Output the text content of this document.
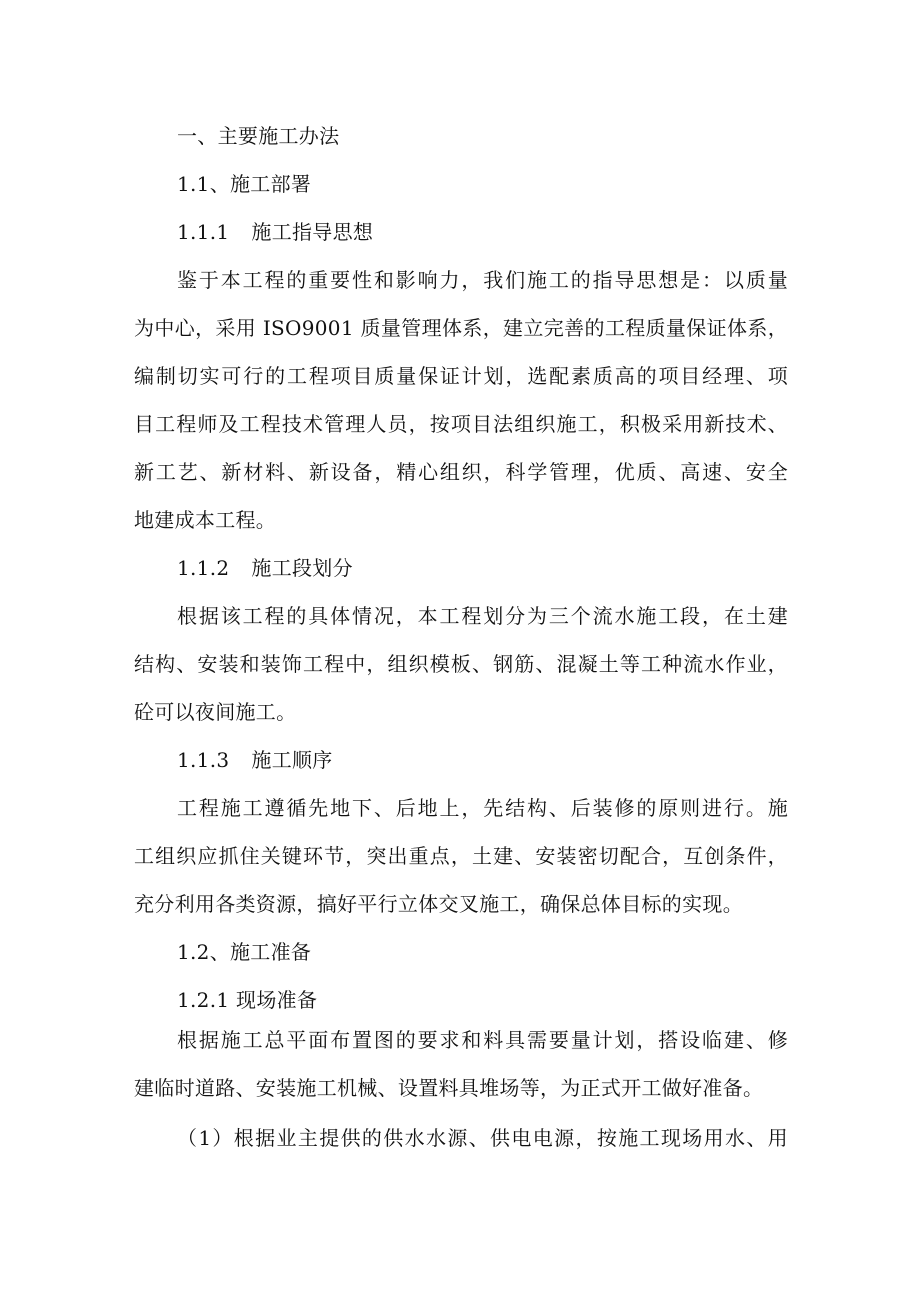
一、主要施工办法
1.1、施工部署
1.1.1 施工指导思想
鉴于本工程的重要性和影响力，我们施工的指导思想是：以质量
为中心，采用 ISO9001 质量管理体系，建立完善的工程质量保证体系，
编制切实可行的工程项目质量保证计划，选配素质高的项目经理、项
目工程师及工程技术管理人员，按项目法组织施工，积极采用新技术、
新工艺、新材料、新设备，精心组织，科学管理，优质、高速、安全
地建成本工程。
1.1.2 施工段划分
根据该工程的具体情况，本工程划分为三个流水施工段，在土建
结构、安装和装饰工程中，组织模板、钢筋、混凝土等工种流水作业，
砼可以夜间施工。
1.1.3 施工顺序
工程施工遵循先地下、后地上，先结构、后装修的原则进行。施
工组织应抓住关键环节，突出重点，土建、安装密切配合，互创条件，
充分利用各类资源，搞好平行立体交叉施工，确保总体目标的实现。
1.2、施工准备
1.2.1 现场准备
根据施工总平面布置图的要求和料具需要量计划，搭设临建、修
建临时道路、安装施工机械、设置料具堆场等，为正式开工做好准备。
（1）根据业主提供的供水水源、供电电源，按施工现场用水、用
